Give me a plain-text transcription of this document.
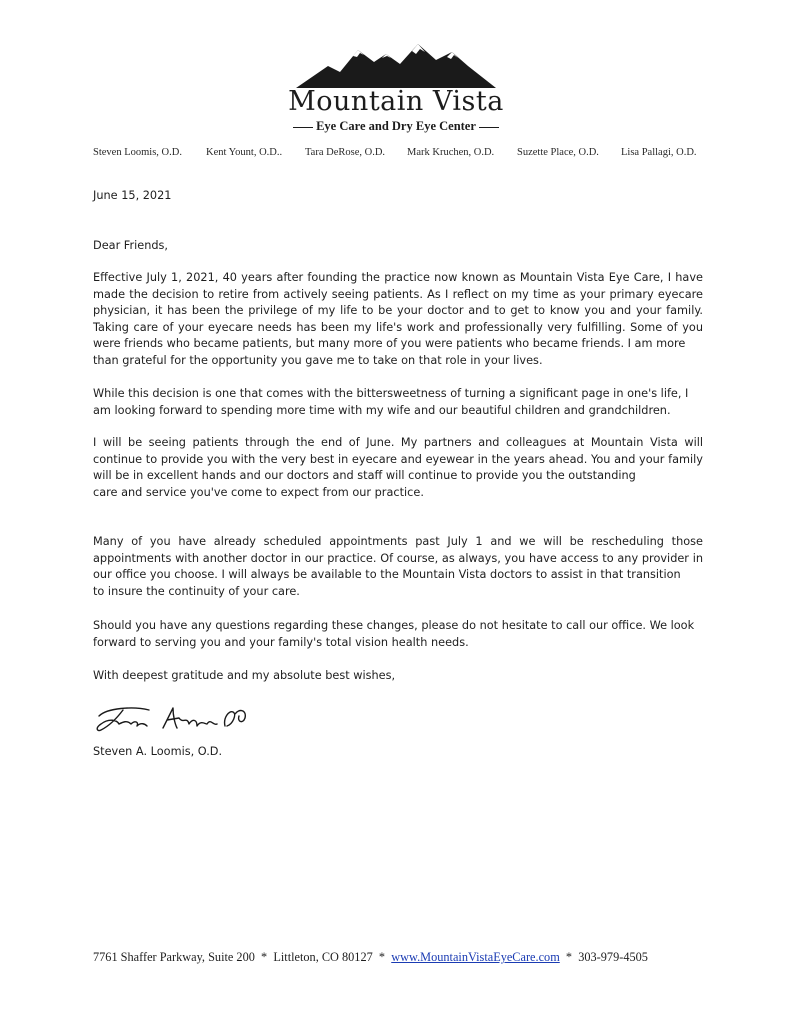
Mountain Vista
Eye Care and Dry Eye Center
Steven Loomis, O.D. Kent Yount, O.D.. Tara DeRose, O.D. Mark Kruchen, O.D. Suzette Place, O.D. Lisa Pallagi, O.D.
June 15, 2021
Dear Friends,

Effective July 1, 2021, 40 years after founding the practice now known as Mountain Vista Eye Care, I have made the decision to retire from actively seeing patients. As I reflect on my time as your primary eyecare physician, it has been the privilege of my life to be your doctor and to get to know you and your family. Taking care of your eyecare needs has been my life's work and professionally very fulfilling. Some of you were friends who became patients, but many more of you were patients who became friends. I am more

than grateful for the opportunity you gave me to take on that role in your lives.

While this decision is one that comes with the bittersweetness of turning a significant page in one's life, I

am looking forward to spending more time with my wife and our beautiful children and grandchildren.

I will be seeing patients through the end of June. My partners and colleagues at Mountain Vista will continue to provide you with the very best in eyecare and eyewear in the years ahead. You and your family will be in excellent hands and our doctors and staff will continue to provide you the outstanding

care and service you've come to expect from our practice.

Many of you have already scheduled appointments past July 1 and we will be rescheduling those appointments with another doctor in our practice. Of course, as always, you have access to any provider in our office you choose. I will always be available to the Mountain Vista doctors to assist in that transition

to insure the continuity of your care.

Should you have any questions regarding these changes, please do not hesitate to call our office. We look

forward to serving you and your family's total vision health needs.

With deepest gratitude and my absolute best wishes,
Steven A. Loomis, O.D.
7761 Shaffer Parkway, Suite 200 * Littleton, CO 80127 * www.MountainVistaEyeCare.com * 303-979-4505
